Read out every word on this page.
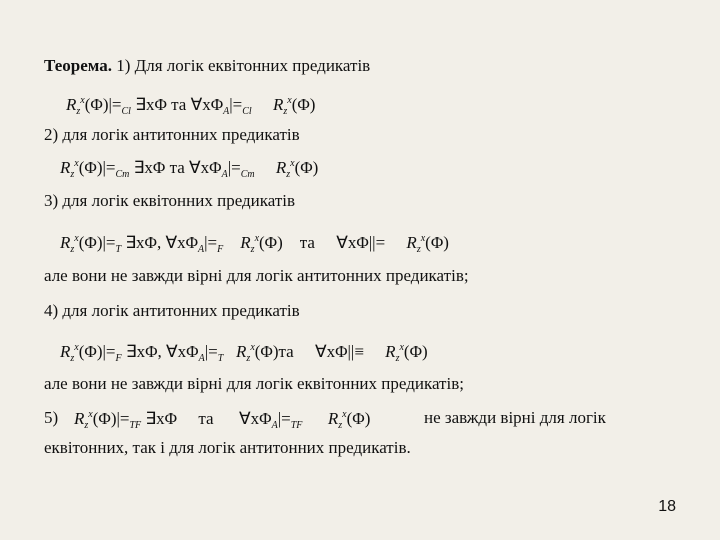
Теорема. 1) Для логік еквітонних предикатів
$R_z^x(\Phi)|=_{Cl}$ ∃xΦ та $\forall x\Phi_A|=_{Cl}$ $R_z^x(\Phi)$
2) для логік антитонних предикатів
$R_z^x(\Phi)|=_{Cm}$ ∃xΦ та $\forall x\Phi_A|=_{Cm}$ $R_z^x(\Phi)$
3) для логік еквітонних предикатів
$R_z^x(\Phi)|=_T$ ∃xΦ, $\forall x\Phi_A|=_F$ $R_z^x(\Phi)$ та ∀xΦ||= $R_z^x(\Phi)$
але вони не завжди вірні для логік антитонних предикатів;
4) для логік антитонних предикатів
$R_z^x(\Phi)|=_F$ ∃xΦ, $\forall x\Phi_A|=_T$ $R_z^x(\Phi)та$ ∀xΦ||≡ $R_z^x(\Phi)$
але вони не завжди вірні для логік еквітонних предикатів;
5) $R_z^x(\Phi)|=_{TF}$ ∃xΦ та $\forall x\Phi_A|=_{TF}$ $R_z^x(\Phi)$	не завжди вірні для логік
еквітонних, так і для логік антитонних предикатів.
18
